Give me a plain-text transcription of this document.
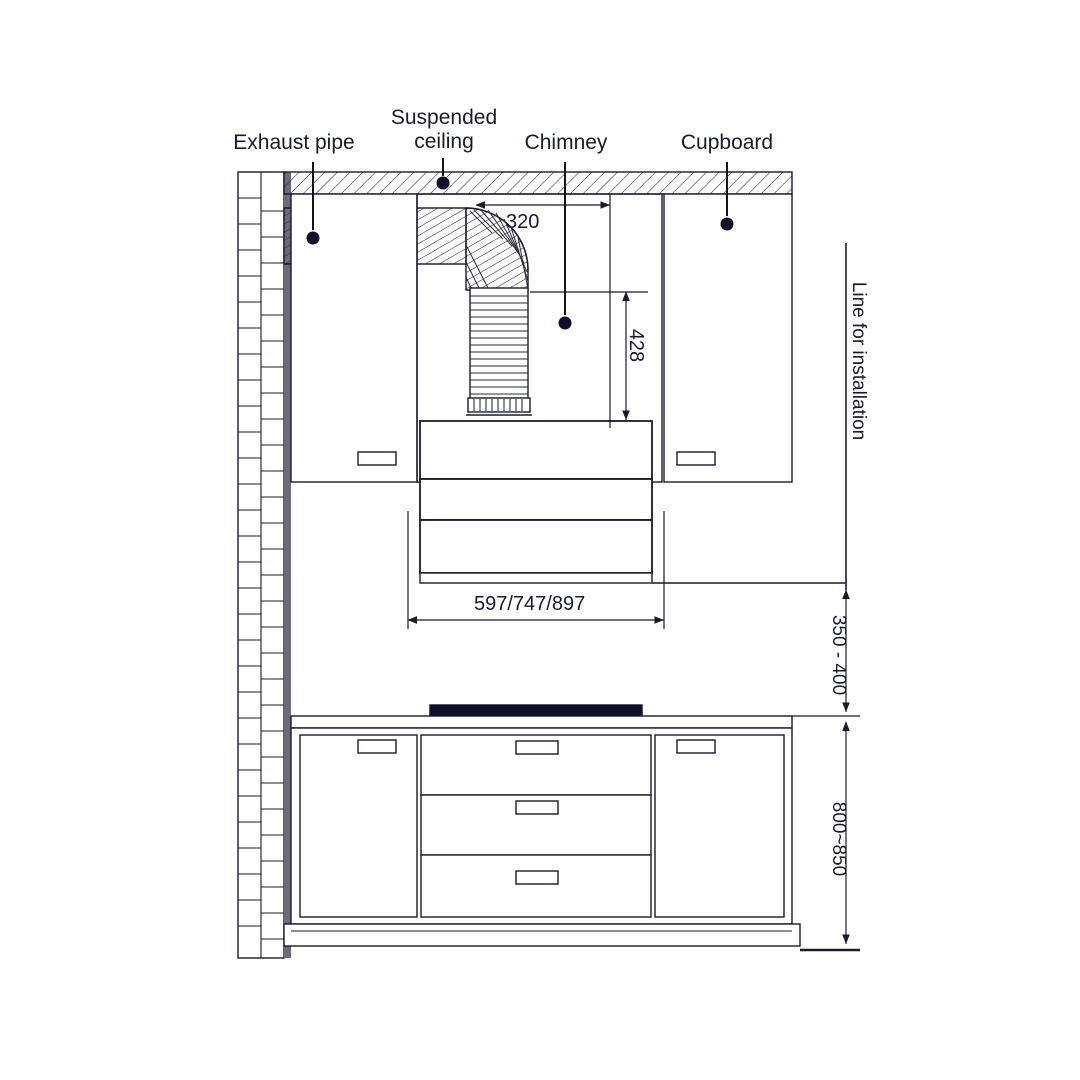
Exhaust pipe
Suspended
ceiling	Chimney	Cupboard
320
428
597/747/897
350 - 400
800~850
Line for installation
